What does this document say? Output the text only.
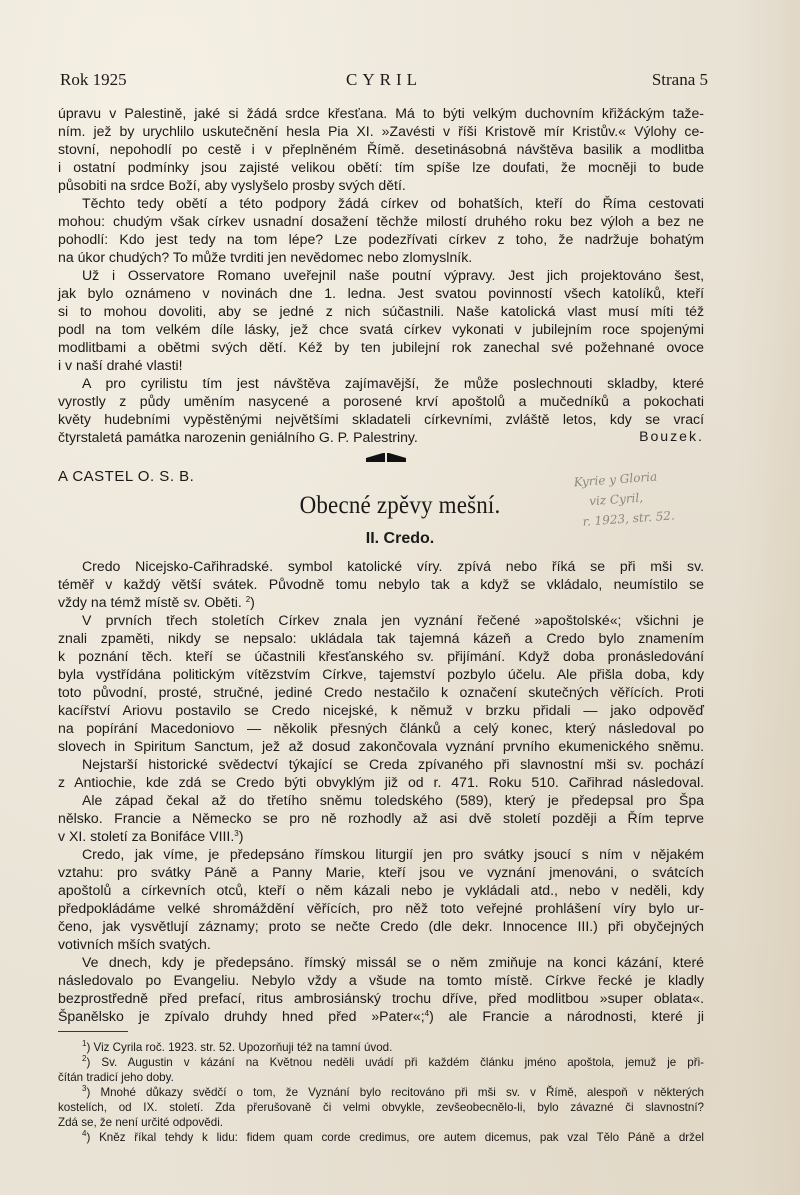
Rok 1925	CYRIL	Strana 5
úpravu v Palestině, jaké si žádá srdce křesťana. Má to býti velkým duchovním křižáckým taže-
ním. jež by urychlilo uskutečnění hesla Pia XI. »Zavésti v říši Kristově mír Kristův.« Výlohy ce-
stovní, nepohodlí po cestě i v přeplněném Římě. desetinásobná návštěva basilik a modlitba
i ostatní podmínky jsou zajisté velikou obětí: tím spíše lze doufati, že mocněji to bude
působiti na srdce Boží, aby vyslyšelo prosby svých dětí.
Těchto tedy obětí a této podpory žádá církev od bohatších, kteří do Říma cestovati
mohou: chudým však církev usnadní dosažení těchže milostí druhého roku bez výloh a bez ne
pohodlí: Kdo jest tedy na tom lépe? Lze podezřívati církev z toho, že nadržuje bohatým
na úkor chudých? To může tvrditi jen nevědomec nebo zlomyslník.
Už i Osservatore Romano uveřejnil naše poutní výpravy. Jest jich projektováno šest,
jak bylo oznámeno v novinách dne 1. ledna. Jest svatou povinností všech katolíků, kteří
si to mohou dovoliti, aby se jedné z nich súčastnili. Naše katolická vlast musí míti též
podl na tom velkém díle lásky, jež chce svatá církev vykonati v jubilejním roce spojenými
modlitbami a obětmi svých dětí. Kéž by ten jubilejní rok zanechal své požehnané ovoce
i v naší drahé vlasti!
A pro cyrilistu tím jest návštěva zajímavější, že může poslechnouti skladby, které
vyrostly z půdy uměním nasycené a porosené krví apoštolů a mučedníků a pokochati
květy hudebními vypěstěnými největšími skladateli církevními, zvláště letos, kdy se vrací
čtyrstaletá památka narozenin geniálního G. P. Palestriny.	Bouzek.
A CASTEL O. S. B.
Obecné zpěvy mešní.
II. Credo.
Kyrie y Gloria
viz Cyril,
r. 1923, str. 52.
Credo Nicejsko-Cařihradské. symbol katolické víry. zpívá nebo říká se při mši sv.
téměř v každý větší svátek. Původně tomu nebylo tak a když se vkládalo, neumístilo se
vždy na témž místě sv. Oběti. $^2$)
V prvních třech stoletích Církev znala jen vyznání řečené »apoštolské«; všichni je
znali zpaměti, nikdy se nepsalo: ukládala tak tajemná kázeň a Credo bylo znamením
k poznání těch. kteří se účastnili křesťanského sv. přijímání. Když doba pronásledování
byla vystřídána politickým vítězstvím Církve, tajemství pozbylo účelu. Ale přišla doba, kdy
toto původní, prosté, stručné, jediné Credo nestačilo k označení skutečných věřících. Proti
kacířství Ariovu postavilo se Credo nicejské, k němuž v brzku přidali — jako odpověď
na popírání Macedoniovo — několik přesných článků a celý konec, který následoval po
slovech in Spiritum Sanctum, jež až dosud zakončovala vyznání prvního ekumenického sněmu.
Nejstarší historické svědectví týkající se Creda zpívaného při slavnostní mši sv. pochází
z Antiochie, kde zdá se Credo býti obvyklým již od r. 471. Roku 510. Cařihrad následoval.
Ale západ čekal až do třetího sněmu toledského (589), který je předepsal pro Špa
nělsko. Francie a Německo se pro ně rozhodly až asi dvě století později a Řím teprve
v XI. století za Bonifáce VIII.$^3$)
Credo, jak víme, je předepsáno římskou liturgií jen pro svátky jsoucí s ním v nějakém
vztahu: pro svátky Páně a Panny Marie, kteří jsou ve vyznání jmenováni, o svátcích
apoštolů a církevních otců, kteří o něm kázali nebo je vykládali atd., nebo v neděli, kdy
předpokládáme velké shromáždění věřících, pro něž toto veřejné prohlášení víry bylo ur-
čeno, jak vysvětlují záznamy; proto se nečte Credo (dle dekr. Innocence III.) při obyčejných
votivních mších svatých.
Ve dnech, kdy je předepsáno. římský missál se o něm zmiňuje na konci kázání, které
následovalo po Evangeliu. Nebylo vždy a všude na tomto místě. Církve řecké je kladly
bezprostředně před prefací, ritus ambrosiánský trochu dříve, před modlitbou »super oblata«.
Španělsko je zpívalo druhdy hned před »Pater«;$^4$) ale Francie a národnosti, které ji
$^1$) Viz Cyrila roč. 1923. str. 52. Upozorňuji též na tamní úvod.
$^2$) Sv. Augustin v kázání na Květnou neděli uvádí při každém článku jméno apoštola, jemuž je při-
čítán tradicí jeho doby.
$^3$) Mnohé důkazy svědčí o tom, že Vyznání bylo recitováno při mši sv. v Římě, alespoň v některých
kostelích, od IX. století. Zda přerušovaně či velmi obvykle, zevšeobecnělo-li, bylo závazné či slavnostní?
Zdá se, že není určité odpovědi.
$^4$) Kněz říkal tehdy k lidu: fidem quam corde credimus, ore autem dicemus, pak vzal Tělo Páně a držel
